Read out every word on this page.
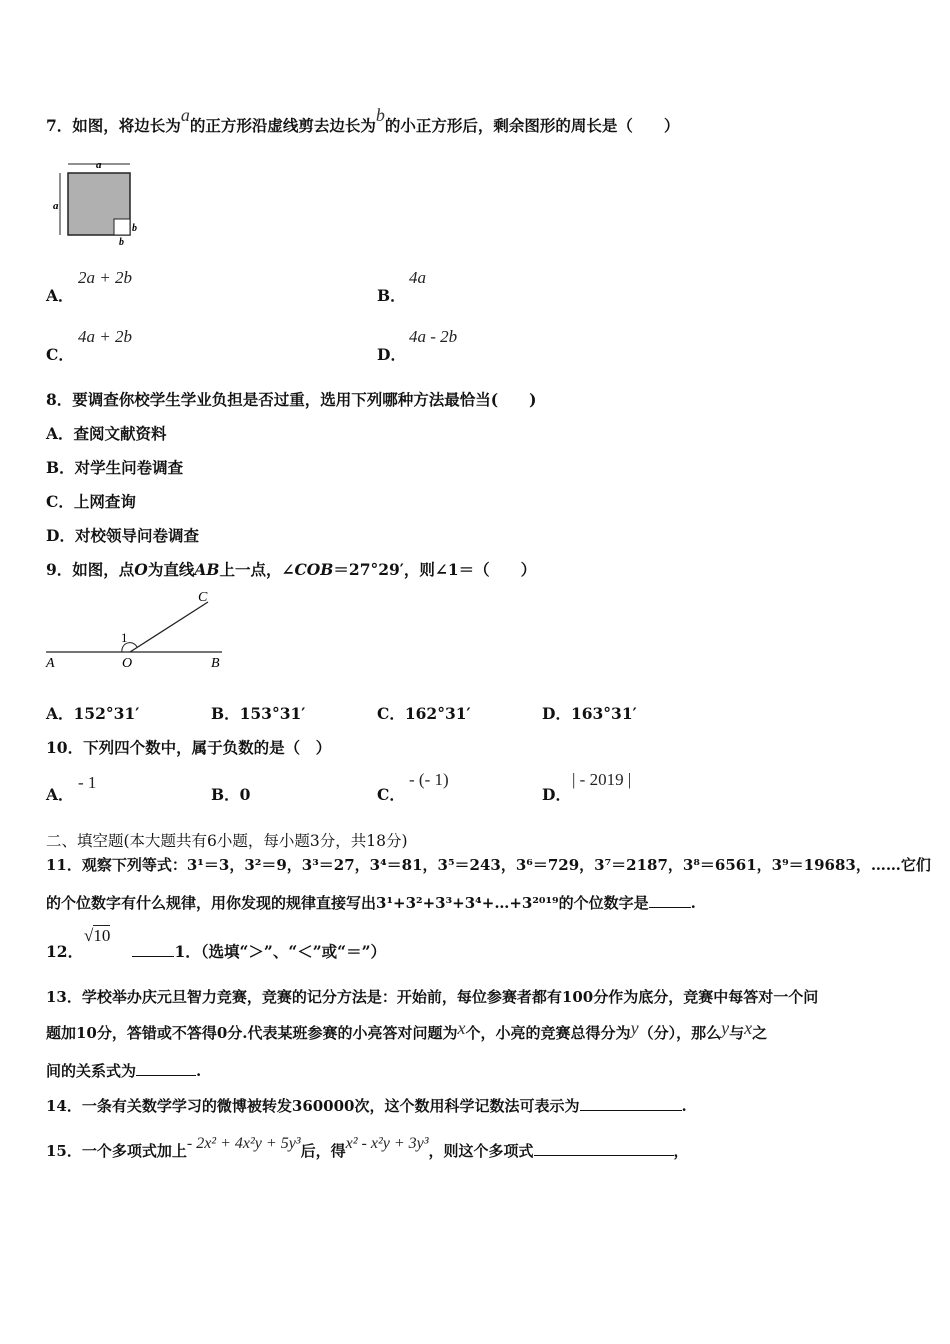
7．如图，将边长为a的正方形沿虚线剪去边长为b的小正方形后，剩余图形的周长是（　　）
a
a
b
b
A．
2a + 2b
B．
4a
C．
4a + 2b
D．
4a - 2b
8．要调查你校学生学业负担是否过重，选用下列哪种方法最恰当(　　)
A．查阅文献资料
B．对学生问卷调查
C．上网查询
D．对校领导问卷调查
9．如图，点O为直线AB上一点，∠COB＝27°29′，则∠1＝（　　）
A	O	B
C
1
A．152°31′	B．153°31′	C．162°31′	D．163°31′
10．下列四个数中，属于负数的是（　）
A．
- 1
B．0	C．
- (- 1)
D．
| - 2019 |
二、填空题(本大题共有6小题，每小题3分，共18分)
11．观察下列等式：3¹＝3，3²＝9，3³＝27，3⁴＝81，3⁵＝243，3⁶＝729，3⁷＝2187，3⁸＝6561，3⁹＝19683，……它们
的个位数字有什么规律，用你发现的规律直接写出3¹+3²+3³+3⁴+…+3²⁰¹⁹的个位数字是	.
12．
√10
1．（选填“＞”、“＜”或“＝”）
13．学校举办庆元旦智力竞赛，竞赛的记分方法是：开始前，每位参赛者都有100分作为底分，竞赛中每答对一个问
题加10分，答错或不答得0分.代表某班参赛的小亮答对问题为x个，小亮的竞赛总得分为y（分），那么y与x之
间的关系式为	.
14．一条有关数学学习的微博被转发360000次，这个数用科学记数法可表示为	.
15．一个多项式加上- 2x² + 4x²y + 5y³后，得x² - x²y + 3y³，则这个多项式	，
